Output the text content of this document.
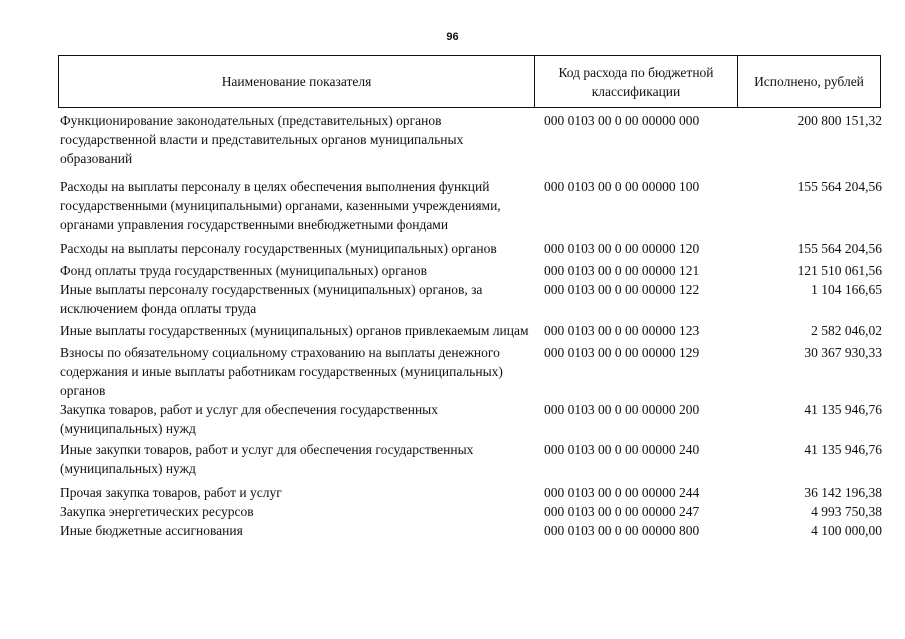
96
Наименование показателя
Код расхода по бюджетной классификации
Исполнено, рублей
Функционирование законодательных (представительных) органов государственной власти и представительных органов муниципальных образований
000 0103 00 0 00 00000 000	200 800 151,32
Расходы на выплаты персоналу в целях обеспечения выполнения функций государственными (муниципальными) органами, казенными учреждениями, органами управления государственными внебюджетными фондами
000 0103 00 0 00 00000 100	155 564 204,56
Расходы на выплаты персоналу государственных (муниципальных) органов	000 0103 00 0 00 00000 120	155 564 204,56
Фонд оплаты труда государственных (муниципальных) органов	000 0103 00 0 00 00000 121	121 510 061,56
Иные выплаты персоналу государственных (муниципальных) органов, за исключением фонда оплаты труда
000 0103 00 0 00 00000 122	1 104 166,65
Иные выплаты государственных (муниципальных) органов привлекаемым лицам	000 0103 00 0 00 00000 123	2 582 046,02
Взносы по обязательному социальному страхованию на выплаты денежного содержания и иные выплаты работникам государственных (муниципальных) органов
000 0103 00 0 00 00000 129	30 367 930,33
Закупка товаров, работ и услуг для обеспечения государственных (муниципальных) нужд
000 0103 00 0 00 00000 200	41 135 946,76
Иные закупки товаров, работ и услуг для обеспечения государственных (муниципальных) нужд
000 0103 00 0 00 00000 240	41 135 946,76
Прочая закупка товаров, работ и услуг	000 0103 00 0 00 00000 244	36 142 196,38
Закупка энергетических ресурсов	000 0103 00 0 00 00000 247	4 993 750,38
Иные бюджетные ассигнования	000 0103 00 0 00 00000 800	4 100 000,00
